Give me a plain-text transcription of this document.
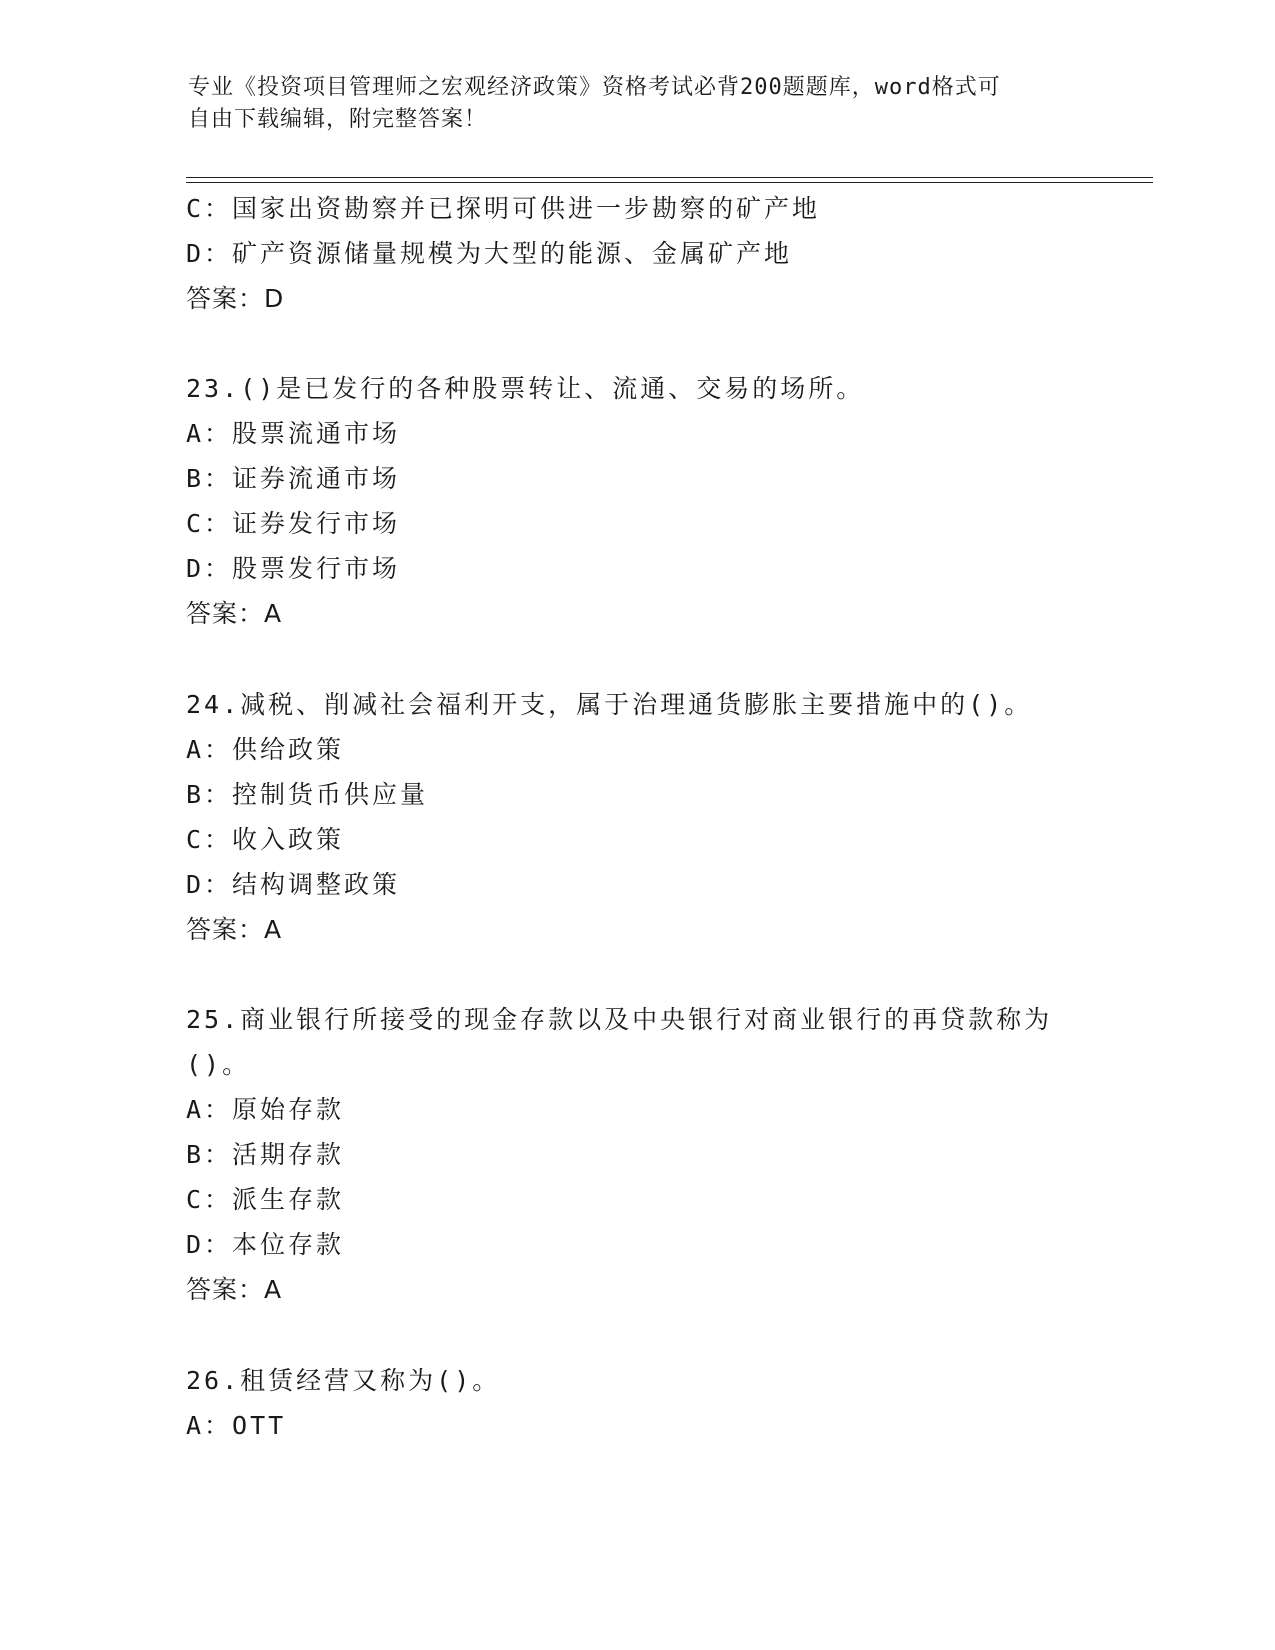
专业《投资项目管理师之宏观经济政策》资格考试必背200题题库，word格式可
自由下载编辑，附完整答案！

C：国家出资勘察并已探明可供进一步勘察的矿产地

D：矿产资源储量规模为大型的能源、金属矿产地

答案：D

23.()是已发行的各种股票转让、流通、交易的场所。

A：股票流通市场

B：证券流通市场

C：证券发行市场

D：股票发行市场

答案：A

24.减税、削减社会福利开支，属于治理通货膨胀主要措施中的()。

A：供给政策

B：控制货币供应量

C：收入政策

D：结构调整政策

答案：A

25.商业银行所接受的现金存款以及中央银行对商业银行的再贷款称为

()。

A：原始存款

B：活期存款

C：派生存款

D：本位存款

答案：A

26.租赁经营又称为()。

A：OTT
